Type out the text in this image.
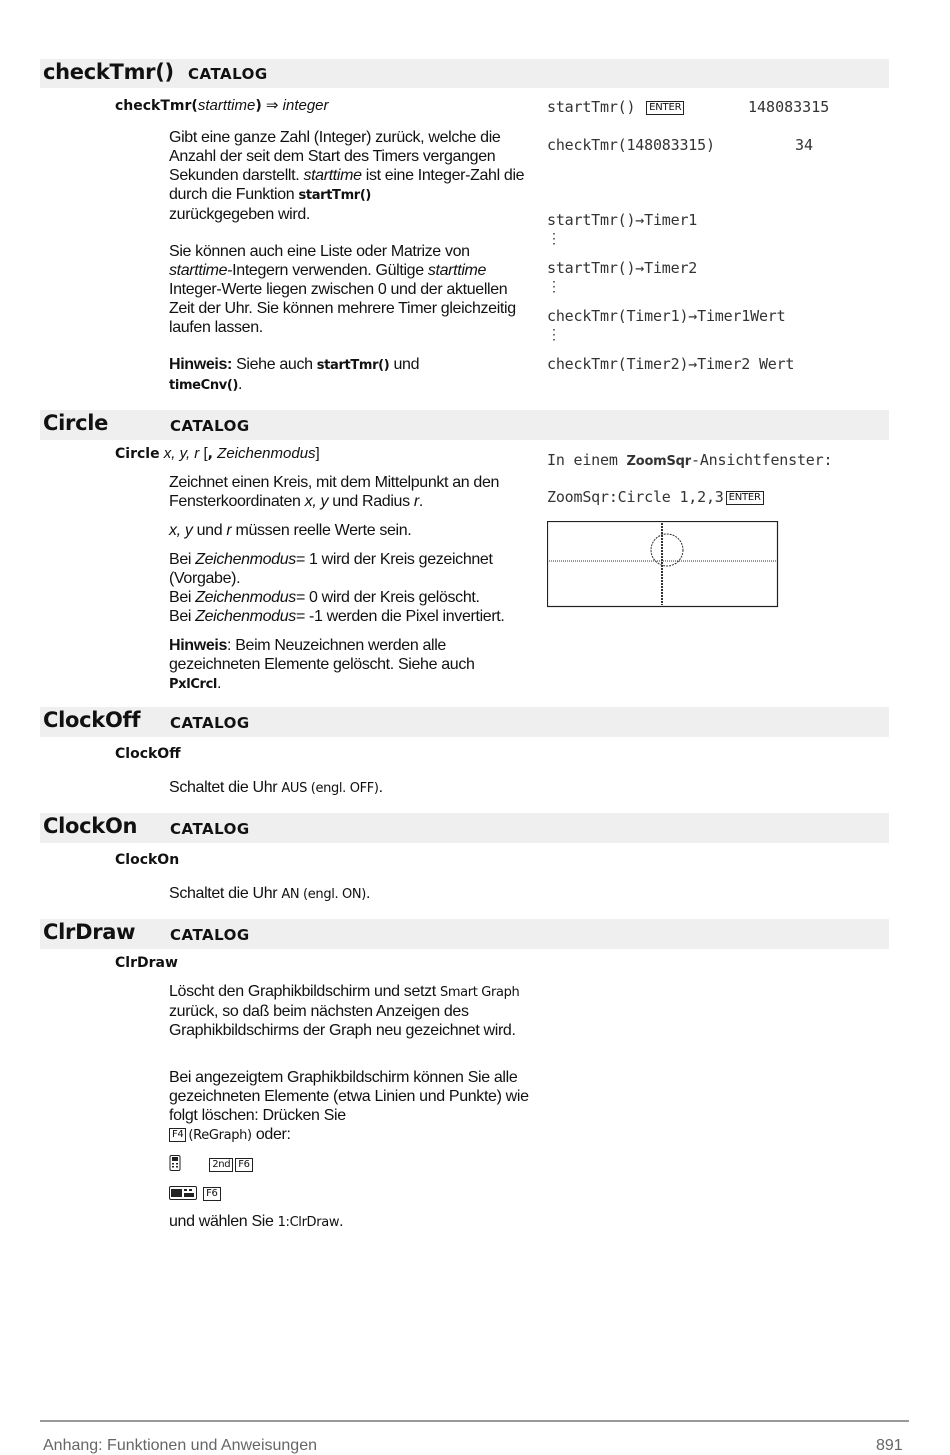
checkTmr() CATALOG
checkTmr(starttime) ⇒ integer
Gibt eine ganze Zahl (Integer) zurück, welche die Anzahl der seit dem Start des Timers vergangen Sekunden darstellt. starttime ist eine Integer-Zahl die durch die Funktion startTmr()
zurückgegeben wird.
Sie können auch eine Liste oder Matrize von starttime-Integern verwenden. Gültige starttime Integer-Werte liegen zwischen 0 und der aktuellen Zeit der Uhr. Sie können mehrere Timer gleichzeitig laufen lassen.
Hinweis: Siehe auch startTmr() und
timeCnv().
startTmr() ENTER	148083315
checkTmr(148083315)	34
startTmr()→Timer1
⋮
startTmr()→Timer2
⋮
checkTmr(Timer1)→Timer1Wert
⋮
checkTmr(Timer2)→Timer2 Wert
Circle	CATALOG
Circle x, y, r [, Zeichenmodus]
Zeichnet einen Kreis, mit dem Mittelpunkt an den Fensterkoordinaten x, y und Radius r.
x, y und r müssen reelle Werte sein.
Bei Zeichenmodus= 1 wird der Kreis gezeichnet (Vorgabe).
Bei Zeichenmodus= 0 wird der Kreis gelöscht.
Bei Zeichenmodus= -1 werden die Pixel invertiert.
Hinweis: Beim Neuzeichnen werden alle gezeichneten Elemente gelöscht. Siehe auch
PxlCrcl.
In einem ZoomSqr-Ansichtfenster:
ZoomSqr:Circle 1,2,3 ENTER
ClockOff CATALOG
ClockOff
Schaltet die Uhr AUS (engl. OFF).
ClockOn CATALOG
ClockOn
Schaltet die Uhr AN (engl. ON).
ClrDraw CATALOG
ClrDraw
Löscht den Graphikbildschirm und setzt Smart Graph zurück, so daß beim nächsten Anzeigen des Graphikbildschirms der Graph neu gezeichnet wird.
Bei angezeigtem Graphikbildschirm können Sie alle gezeichneten Elemente (etwa Linien und Punkte) wie folgt löschen: Drücken Sie
F4 (ReGraph) oder:
2nd F6
F6
und wählen Sie 1:ClrDraw.
Anhang: Funktionen und Anweisungen	891
